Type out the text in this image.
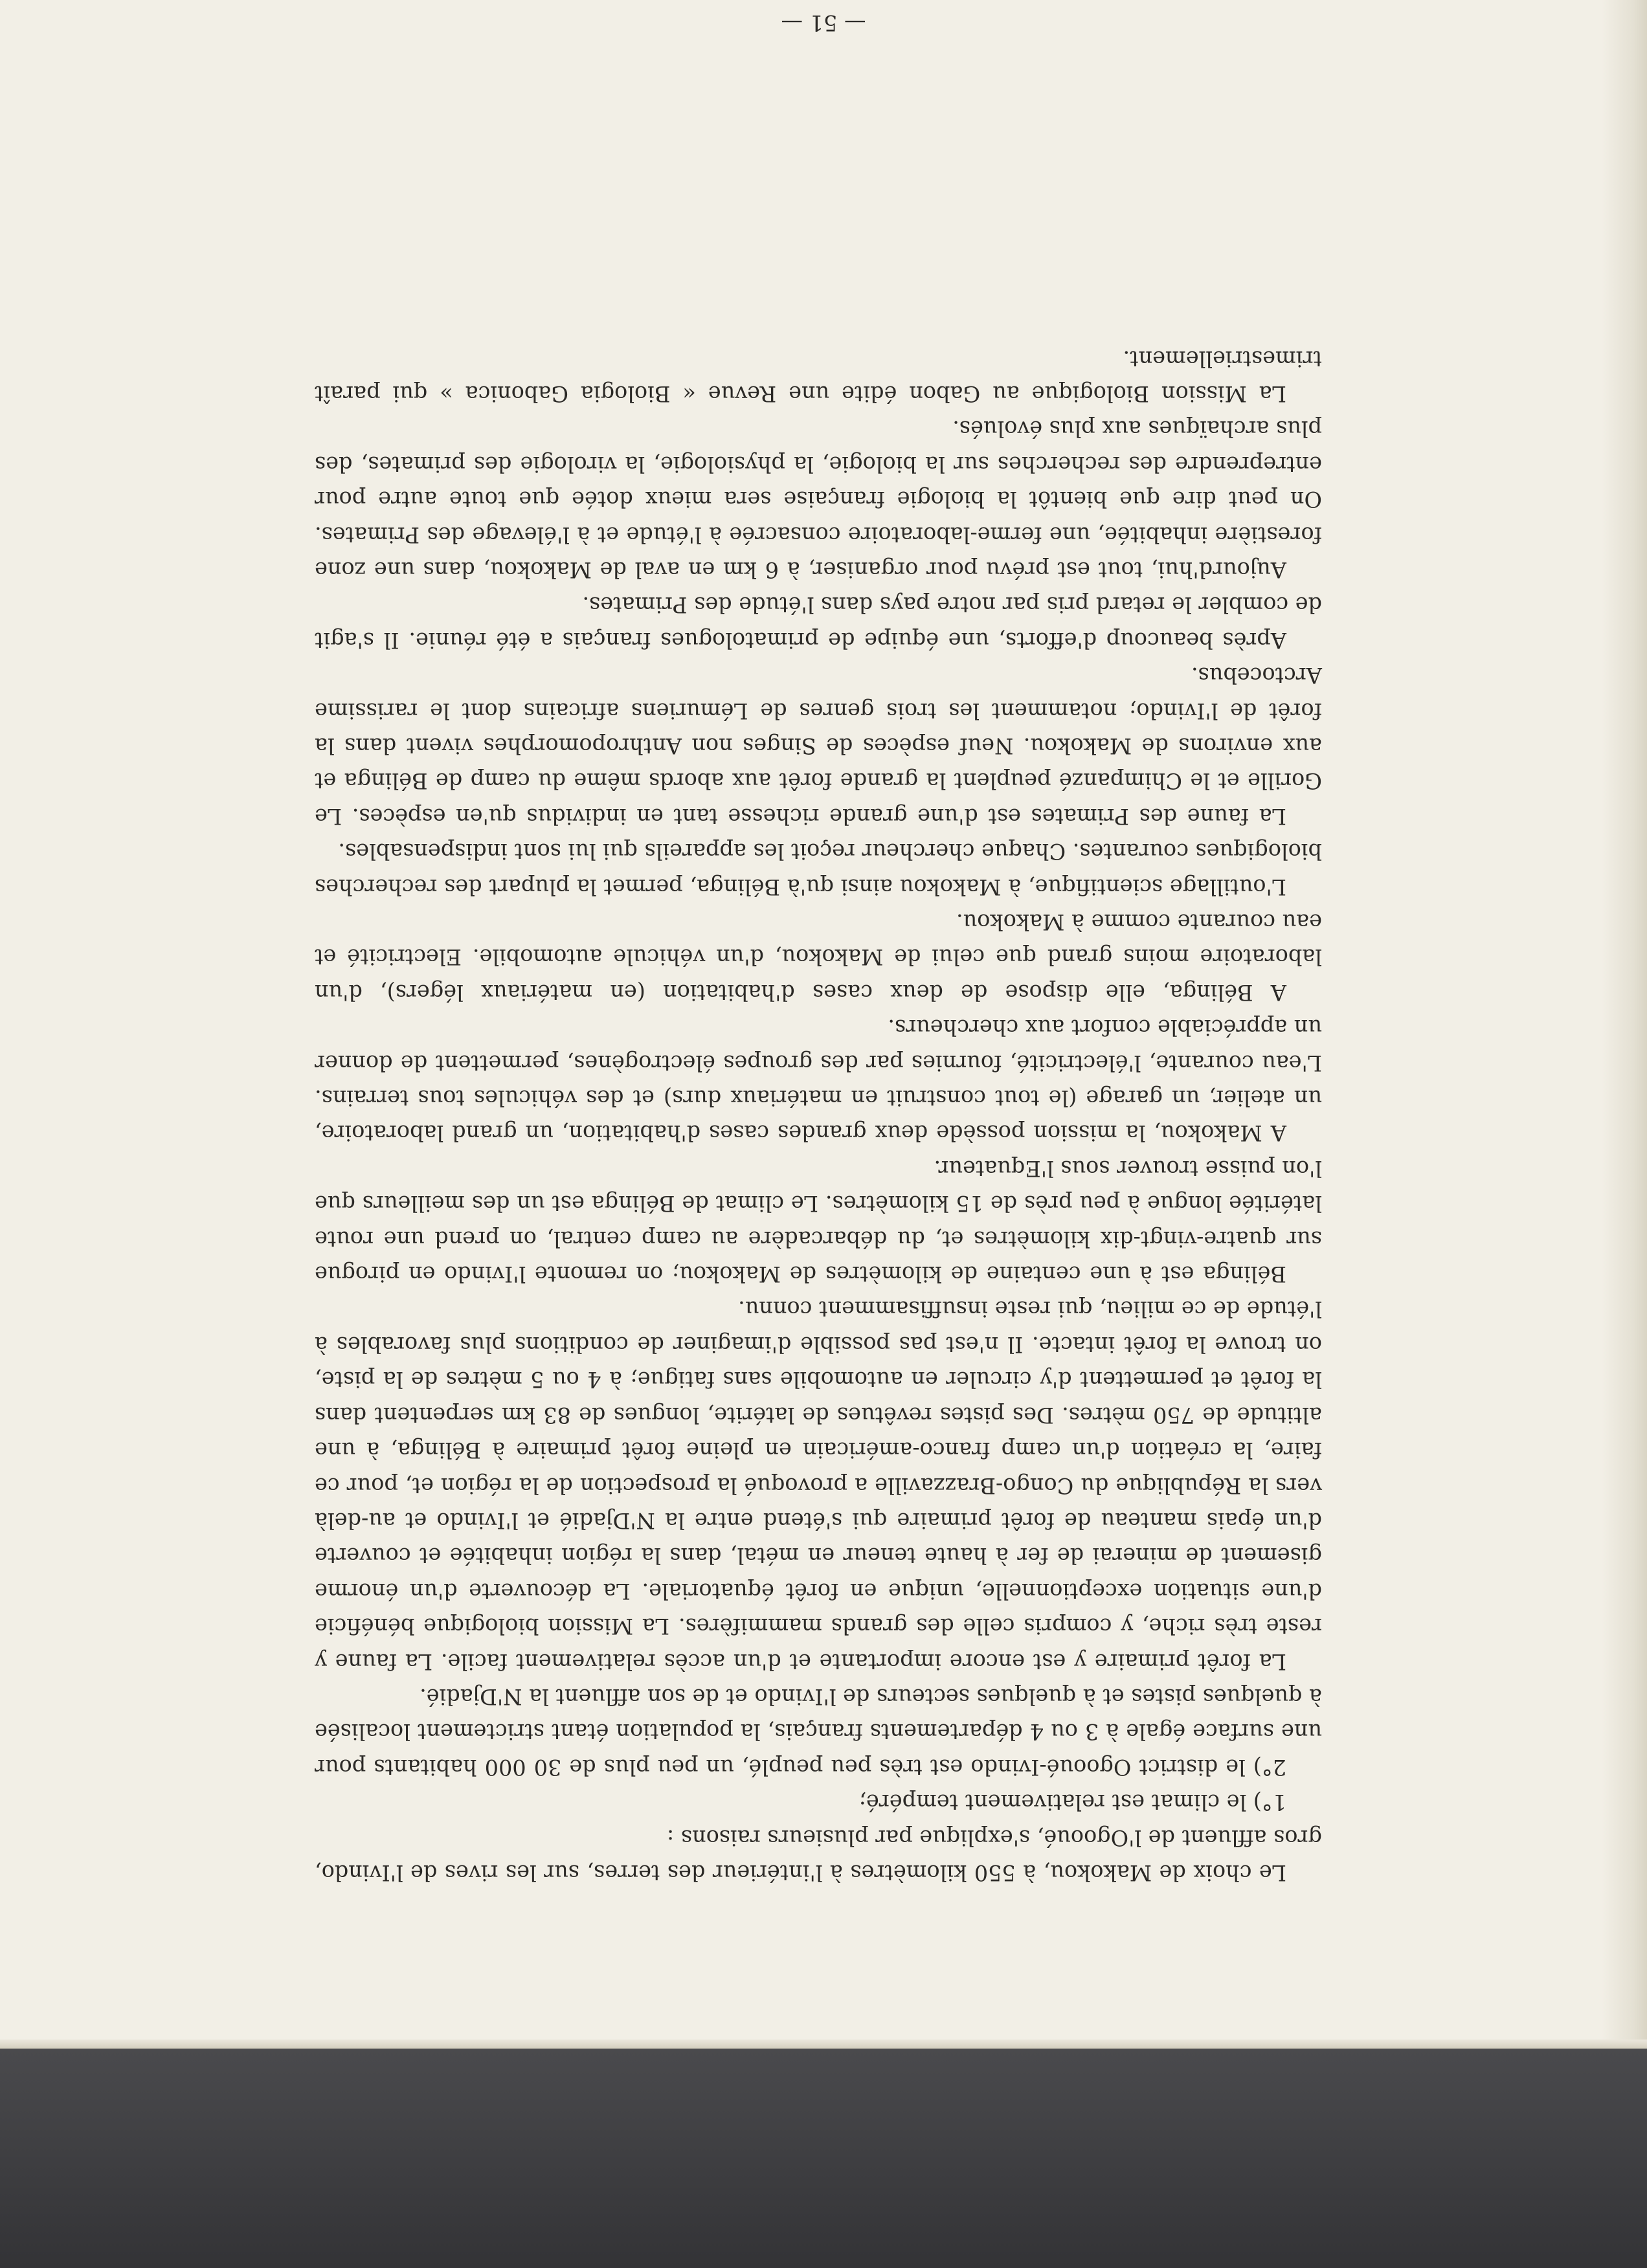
Le choix de Makokou, à 550 kilomètres à l'intérieur des terres, sur les rives de l'Ivindo, gros affluent de l'Ogooué, s'explique par plusieurs raisons :

1°) le climat est relativement tempéré;

2°) le district Ogooué-Ivindo est très peu peuplé, un peu plus de 30 000 habitants pour une surface égale à 3 ou 4 départements français, la population étant strictement localisée à quelques pistes et à quelques secteurs de l'Ivindo et de son affluent la N'Djadié.

La forêt primaire y est encore importante et d'un accès relativement facile. La faune y reste très riche, y compris celle des grands mammifères. La Mission biologique bénéficie d'une situation exceptionnelle, unique en forêt équatoriale. La découverte d'un énorme gisement de minerai de fer à haute teneur en métal, dans la région inhabitée et couverte d'un épais manteau de forêt primaire qui s'étend entre la N'Djadié et l'Ivindo et au-delà vers la République du Congo-Brazzaville a provoqué la prospection de la région et, pour ce faire, la création d'un camp franco-américain en pleine forêt primaire à Bélinga, à une altitude de 750 mètres. Des pistes revêtues de latérite, longues de 83 km serpentent dans la forêt et permettent d'y circuler en automobile sans fatigue; à 4 ou 5 mètres de la piste, on trouve la forêt intacte. Il n'est pas possible d'imaginer de conditions plus favorables à l'étude de ce milieu, qui reste insuffisamment connu.

Bélinga est à une centaine de kilomètres de Makokou; on remonte l'Ivindo en pirogue sur quatre-vingt-dix kilomètres et, du débarcadère au camp central, on prend une route latéritée longue à peu près de 15 kilomètres. Le climat de Bélinga est un des meilleurs que l'on puisse trouver sous l'Equateur.

A Makokou, la mission possède deux grandes cases d'habitation, un grand laboratoire, un atelier, un garage (le tout construit en matériaux durs) et des véhicules tous terrains. L'eau courante, l'électricité, fournies par des groupes électrogènes, permettent de donner un appréciable confort aux chercheurs.

A Bélinga, elle dispose de deux cases d'habitation (en matériaux légers), d'un laboratoire moins grand que celui de Makokou, d'un véhicule automobile. Electricité et eau courante comme à Makokou.

L'outillage scientifique, à Makokou ainsi qu'à Bélinga, permet la plupart des recherches biologiques courantes. Chaque chercheur reçoit les appareils qui lui sont indispensables.

La faune des Primates est d'une grande richesse tant en individus qu'en espèces. Le Gorille et le Chimpanzé peuplent la grande forêt aux abords même du camp de Bélinga et aux environs de Makokou. Neuf espèces de Singes non Anthropomorphes vivent dans la forêt de l'Ivindo; notamment les trois genres de Lémuriens africains dont le rarissime Arctocebus.

Après beaucoup d'efforts, une équipe de primatologues français a été réunie. Il s'agit de combler le retard pris par notre pays dans l'étude des Primates.

Aujourd'hui, tout est prévu pour organiser, à 6 km en aval de Makokou, dans une zone forestière inhabitée, une ferme-laboratoire consacrée à l'étude et à l'élevage des Primates. On peut dire que bientôt la biologie française sera mieux dotée que toute autre pour entreprendre des recherches sur la biologie, la physiologie, la virologie des primates, des plus archaïques aux plus évolués.

La Mission Biologique au Gabon édite une Revue « Biologia Gabonica » qui paraît trimestriellement.

— 51 —
